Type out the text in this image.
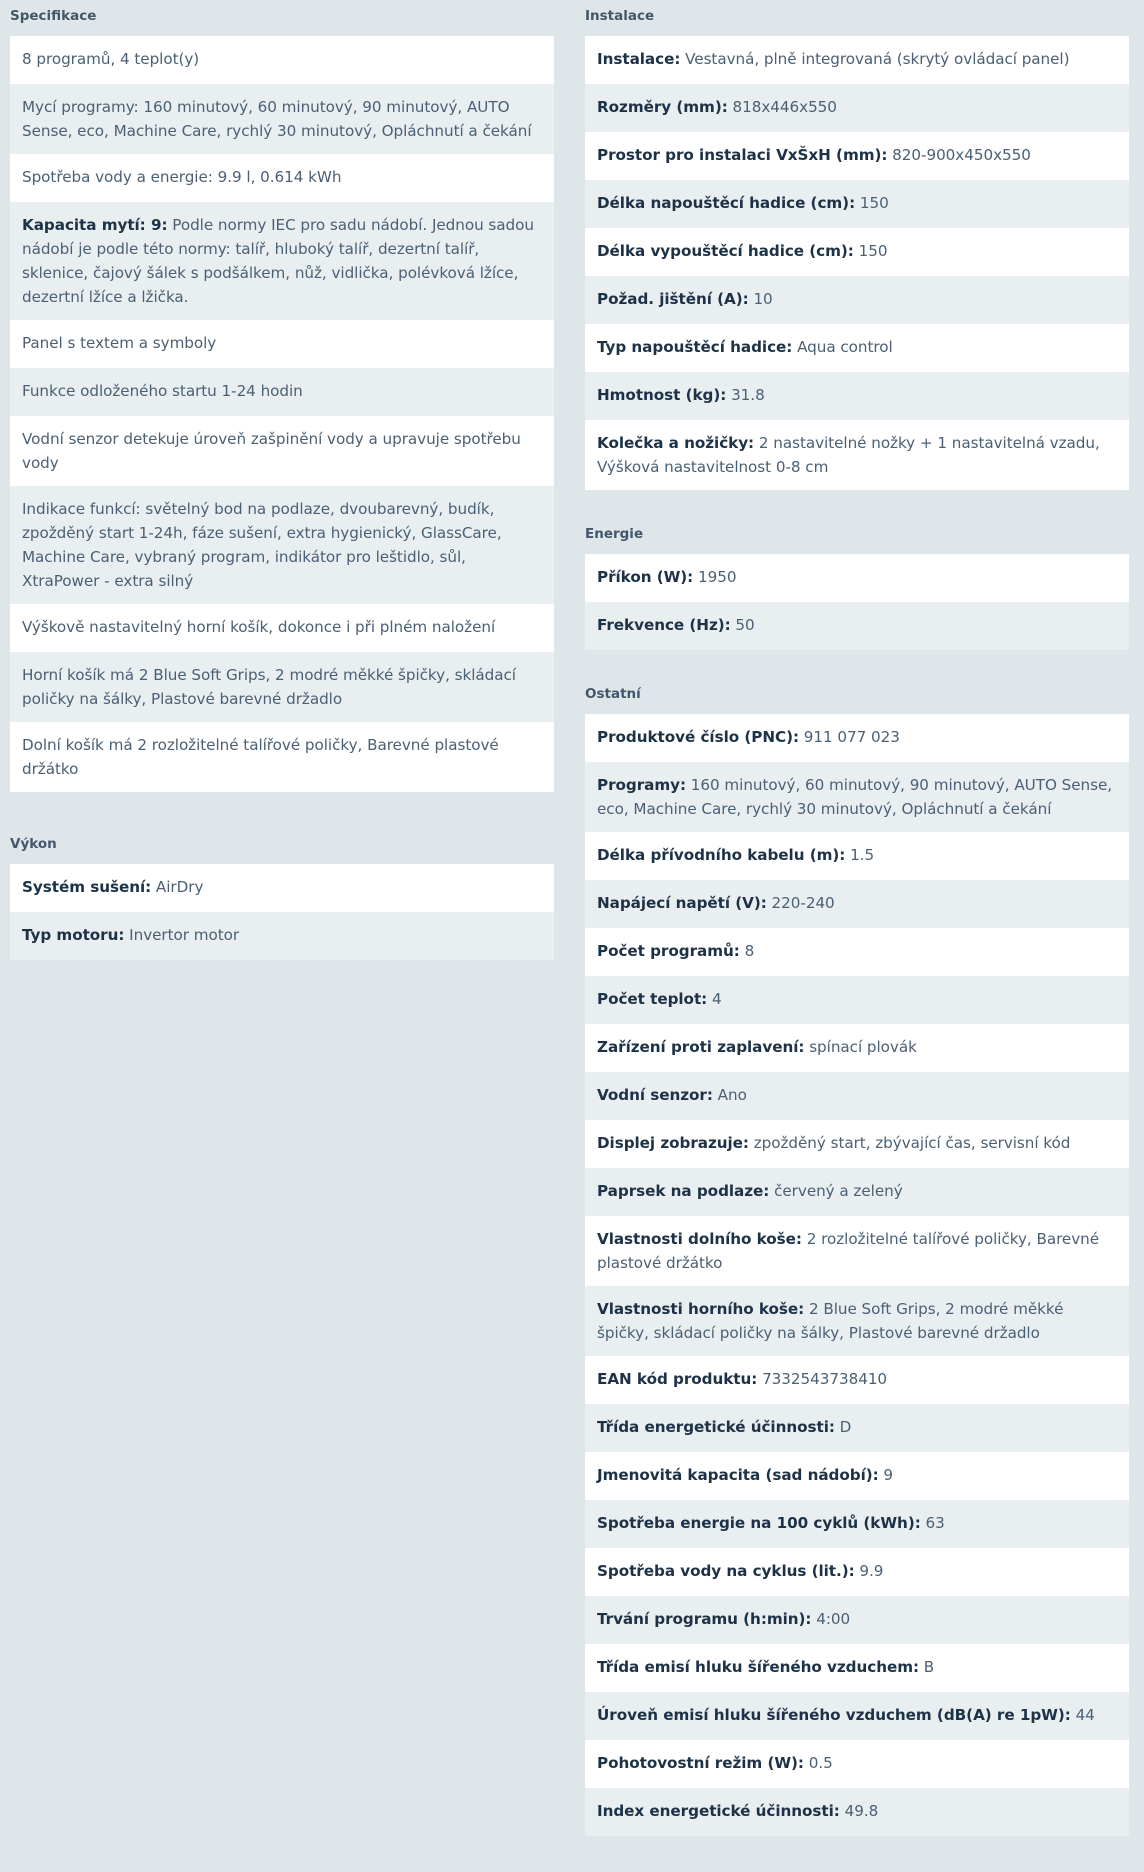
Specifikace
8 programů, 4 teplot(y)
Mycí programy: 160 minutový, 60 minutový, 90 minutový, AUTO Sense, eco, Machine Care, rychlý 30 minutový, Opláchnutí a čekání
Spotřeba vody a energie: 9.9 l, 0.614 kWh
Kapacita mytí: 9: Podle normy IEC pro sadu nádobí. Jednou sadou nádobí je podle této normy: talíř, hluboký talíř, dezertní talíř, sklenice, čajový šálek s podšálkem, nůž, vidlička, polévková lžíce, dezertní lžíce a lžička.
Panel s textem a symboly
Funkce odloženého startu 1-24 hodin
Vodní senzor detekuje úroveň zašpinění vody a upravuje spotřebu vody
Indikace funkcí: světelný bod na podlaze, dvoubarevný, budík, zpožděný start 1-24h, fáze sušení, extra hygienický, GlassCare, Machine Care, vybraný program, indikátor pro leštidlo, sůl, XtraPower - extra silný
Výškově nastavitelný horní košík, dokonce i při plném naložení
Horní košík má 2 Blue Soft Grips, 2 modré měkké špičky, skládací poličky na šálky, Plastové barevné držadlo
Dolní košík má 2 rozložitelné talířové poličky, Barevné plastové držátko
Výkon
Systém sušení: AirDry
Typ motoru: Invertor motor
Instalace
Instalace: Vestavná, plně integrovaná (skrytý ovládací panel)
Rozměry (mm): 818x446x550
Prostor pro instalaci VxŠxH (mm): 820-900x450x550
Délka napouštěcí hadice (cm): 150
Délka vypouštěcí hadice (cm): 150
Požad. jištění (A): 10
Typ napouštěcí hadice: Aqua control
Hmotnost (kg): 31.8
Kolečka a nožičky: 2 nastavitelné nožky + 1 nastavitelná vzadu, Výšková nastavitelnost 0-8 cm
Energie
Příkon (W): 1950
Frekvence (Hz): 50
Ostatní
Produktové číslo (PNC): 911 077 023
Programy: 160 minutový, 60 minutový, 90 minutový, AUTO Sense, eco, Machine Care, rychlý 30 minutový, Opláchnutí a čekání
Délka přívodního kabelu (m): 1.5
Napájecí napětí (V): 220-240
Počet programů: 8
Počet teplot: 4
Zařízení proti zaplavení: spínací plovák
Vodní senzor: Ano
Displej zobrazuje: zpožděný start, zbývající čas, servisní kód
Paprsek na podlaze: červený a zelený
Vlastnosti dolního koše: 2 rozložitelné talířové poličky, Barevné plastové držátko
Vlastnosti horního koše: 2 Blue Soft Grips, 2 modré měkké špičky, skládací poličky na šálky, Plastové barevné držadlo
EAN kód produktu: 7332543738410
Třída energetické účinnosti: D
Jmenovitá kapacita (sad nádobí): 9
Spotřeba energie na 100 cyklů (kWh): 63
Spotřeba vody na cyklus (lit.): 9.9
Trvání programu (h:min): 4:00
Třída emisí hluku šířeného vzduchem: B
Úroveň emisí hluku šířeného vzduchem (dB(A) re 1pW): 44
Pohotovostní režim (W): 0.5
Index energetické účinnosti: 49.8
